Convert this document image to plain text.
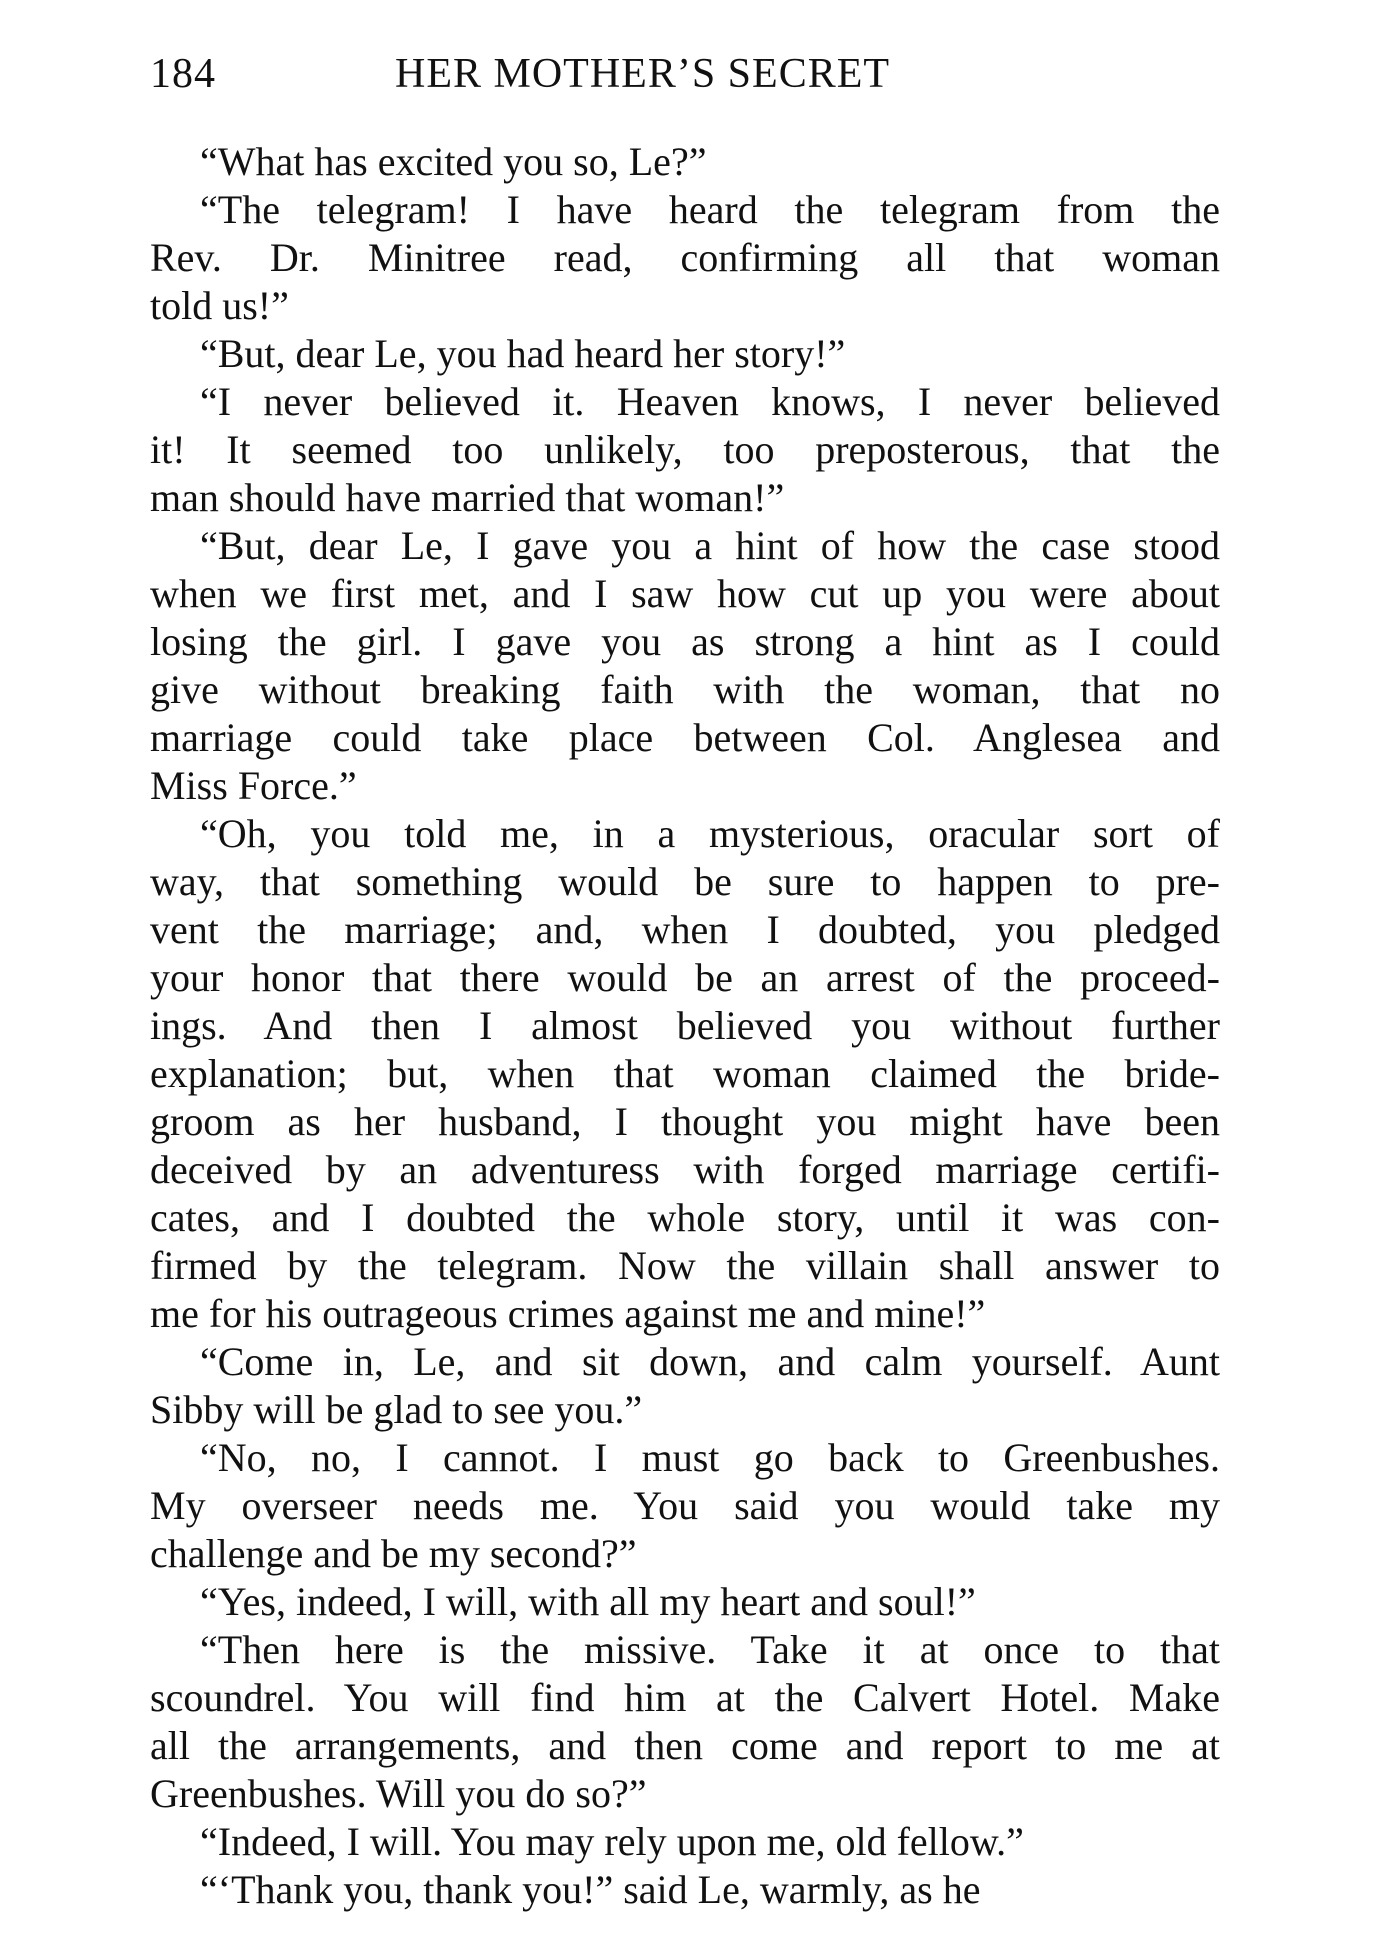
184	HER MOTHER’S SECRET

“What has excited you so, Le?”

“The telegram! I have heard the telegram from the
Rev. Dr. Minitree read, confirming all that woman
told us!”

“But, dear Le, you had heard her story!”

“I never believed it. Heaven knows, I never believed
it! It seemed too unlikely, too preposterous, that the
man should have married that woman!”

“But, dear Le, I gave you a hint of how the case stood
when we first met, and I saw how cut up you were about
losing the girl. I gave you as strong a hint as I could
give without breaking faith with the woman, that no
marriage could take place between Col. Anglesea and
Miss Force.”

“Oh, you told me, in a mysterious, oracular sort of
way, that something would be sure to happen to pre-
vent the marriage; and, when I doubted, you pledged
your honor that there would be an arrest of the proceed-
ings. And then I almost believed you without further
explanation; but, when that woman claimed the bride-
groom as her husband, I thought you might have been
deceived by an adventuress with forged marriage certifi-
cates, and I doubted the whole story, until it was con-
firmed by the telegram. Now the villain shall answer to
me for his outrageous crimes against me and mine!”

“Come in, Le, and sit down, and calm yourself. Aunt
Sibby will be glad to see you.”

“No, no, I cannot. I must go back to Greenbushes.
My overseer needs me. You said you would take my
challenge and be my second?”

“Yes, indeed, I will, with all my heart and soul!”

“Then here is the missive. Take it at once to that
scoundrel. You will find him at the Calvert Hotel. Make
all the arrangements, and then come and report to me at
Greenbushes. Will you do so?”

“Indeed, I will. You may rely upon me, old fellow.”

“‘Thank you, thank you!” said Le, warmly, as he
